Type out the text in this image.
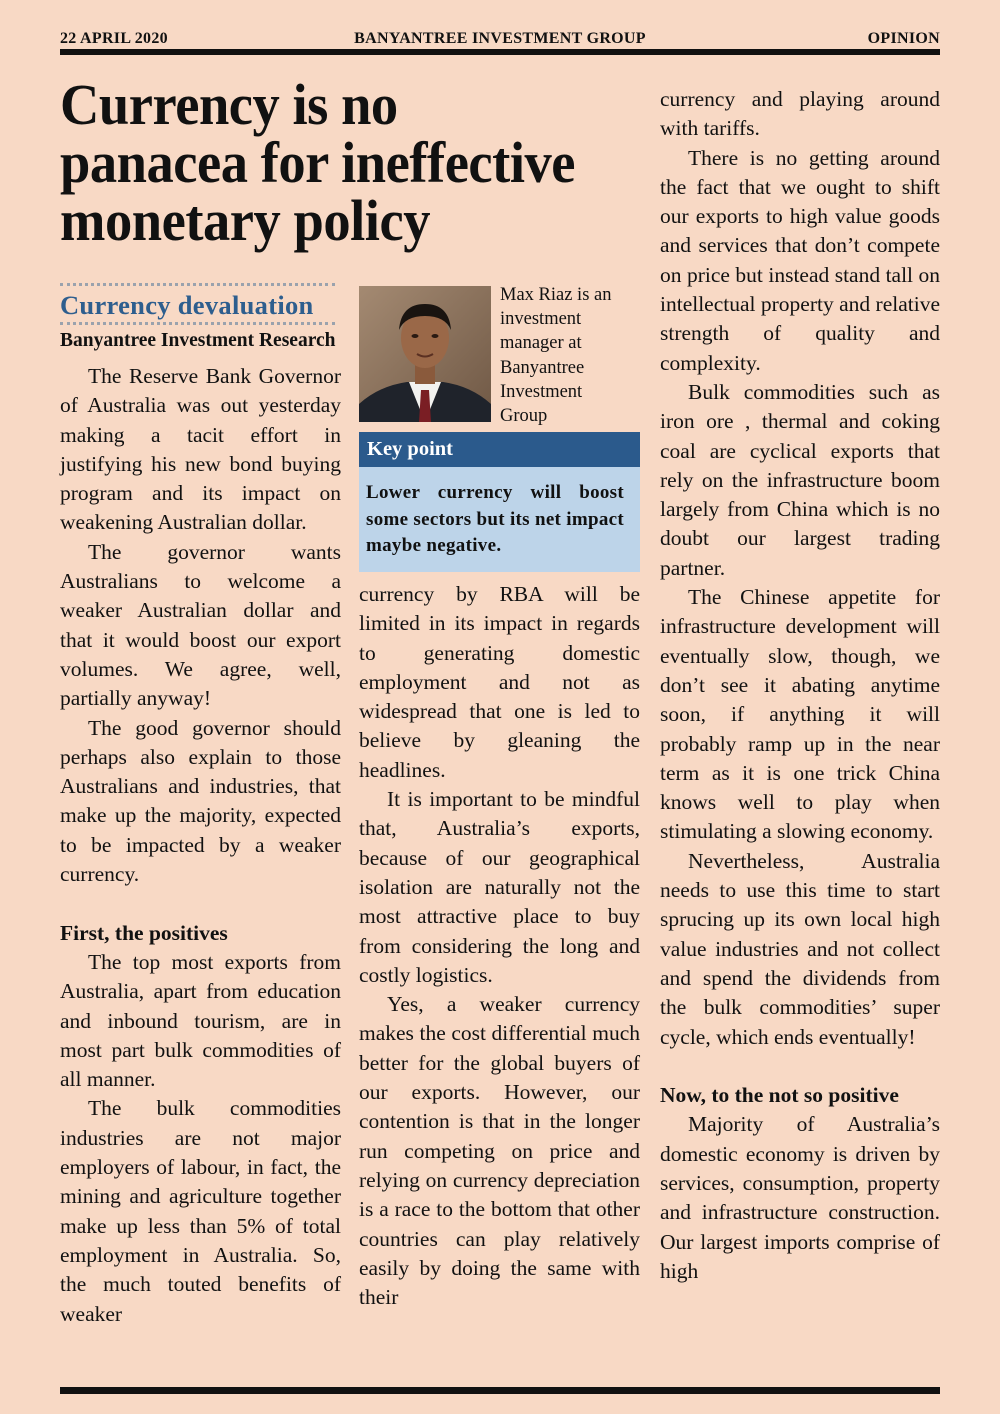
22 APRIL 2020	BANYANTREE INVESTMENT GROUP	OPINION
Currency is no panacea for ineffective monetary policy
Currency devaluation
Banyantree Investment Research

The Reserve Bank Governor of Australia was out yesterday making a tacit effort in justifying his new bond buying program and its impact on weakening Australian dollar.

The governor wants Australians to welcome a weaker Australian dollar and that it would boost our export volumes. We agree, well, partially anyway!

The good governor should perhaps also explain to those Australians and industries, that make up the majority, expected to be impacted by a weaker currency.

First, the positives

The top most exports from Australia, apart from education and inbound tourism, are in most part bulk commodities of all manner.

The bulk commodities industries are not major employers of labour, in fact, the mining and agriculture together make up less than 5% of total employment in Australia. So, the much touted benefits of weaker

Max Riaz is an investment manager at Banyantree Investment Group
Key point
Lower currency will boost some sectors but its net impact maybe negative.

currency by RBA will be limited in its impact in regards to generating domestic employment and not as widespread that one is led to believe by gleaning the headlines.

It is important to be mindful that, Australia’s exports, because of our geographical isolation are naturally not the most attractive place to buy from considering the long and costly logistics.

Yes, a weaker currency makes the cost differential much better for the global buyers of our exports. However, our contention is that in the longer run competing on price and relying on currency depreciation is a race to the bottom that other countries can play relatively easily by doing the same with their

currency and playing around with tariffs.

There is no getting around the fact that we ought to shift our exports to high value goods and services that don’t compete on price but instead stand tall on intellectual property and relative strength of quality and complexity.

Bulk commodities such as iron ore , thermal and coking coal are cyclical exports that rely on the infrastructure boom largely from China which is no doubt our largest trading partner.

The Chinese appetite for infrastructure development will eventually slow, though, we don’t see it abating anytime soon, if anything it will probably ramp up in the near term as it is one trick China knows well to play when stimulating a slowing economy.

Nevertheless, Australia needs to use this time to start sprucing up its own local high value industries and not collect and spend the dividends from the bulk commodities’ super cycle, which ends eventually!

Now, to the not so positive

Majority of Australia’s domestic economy is driven by services, consumption, property and infrastructure construction. Our largest imports comprise of high
